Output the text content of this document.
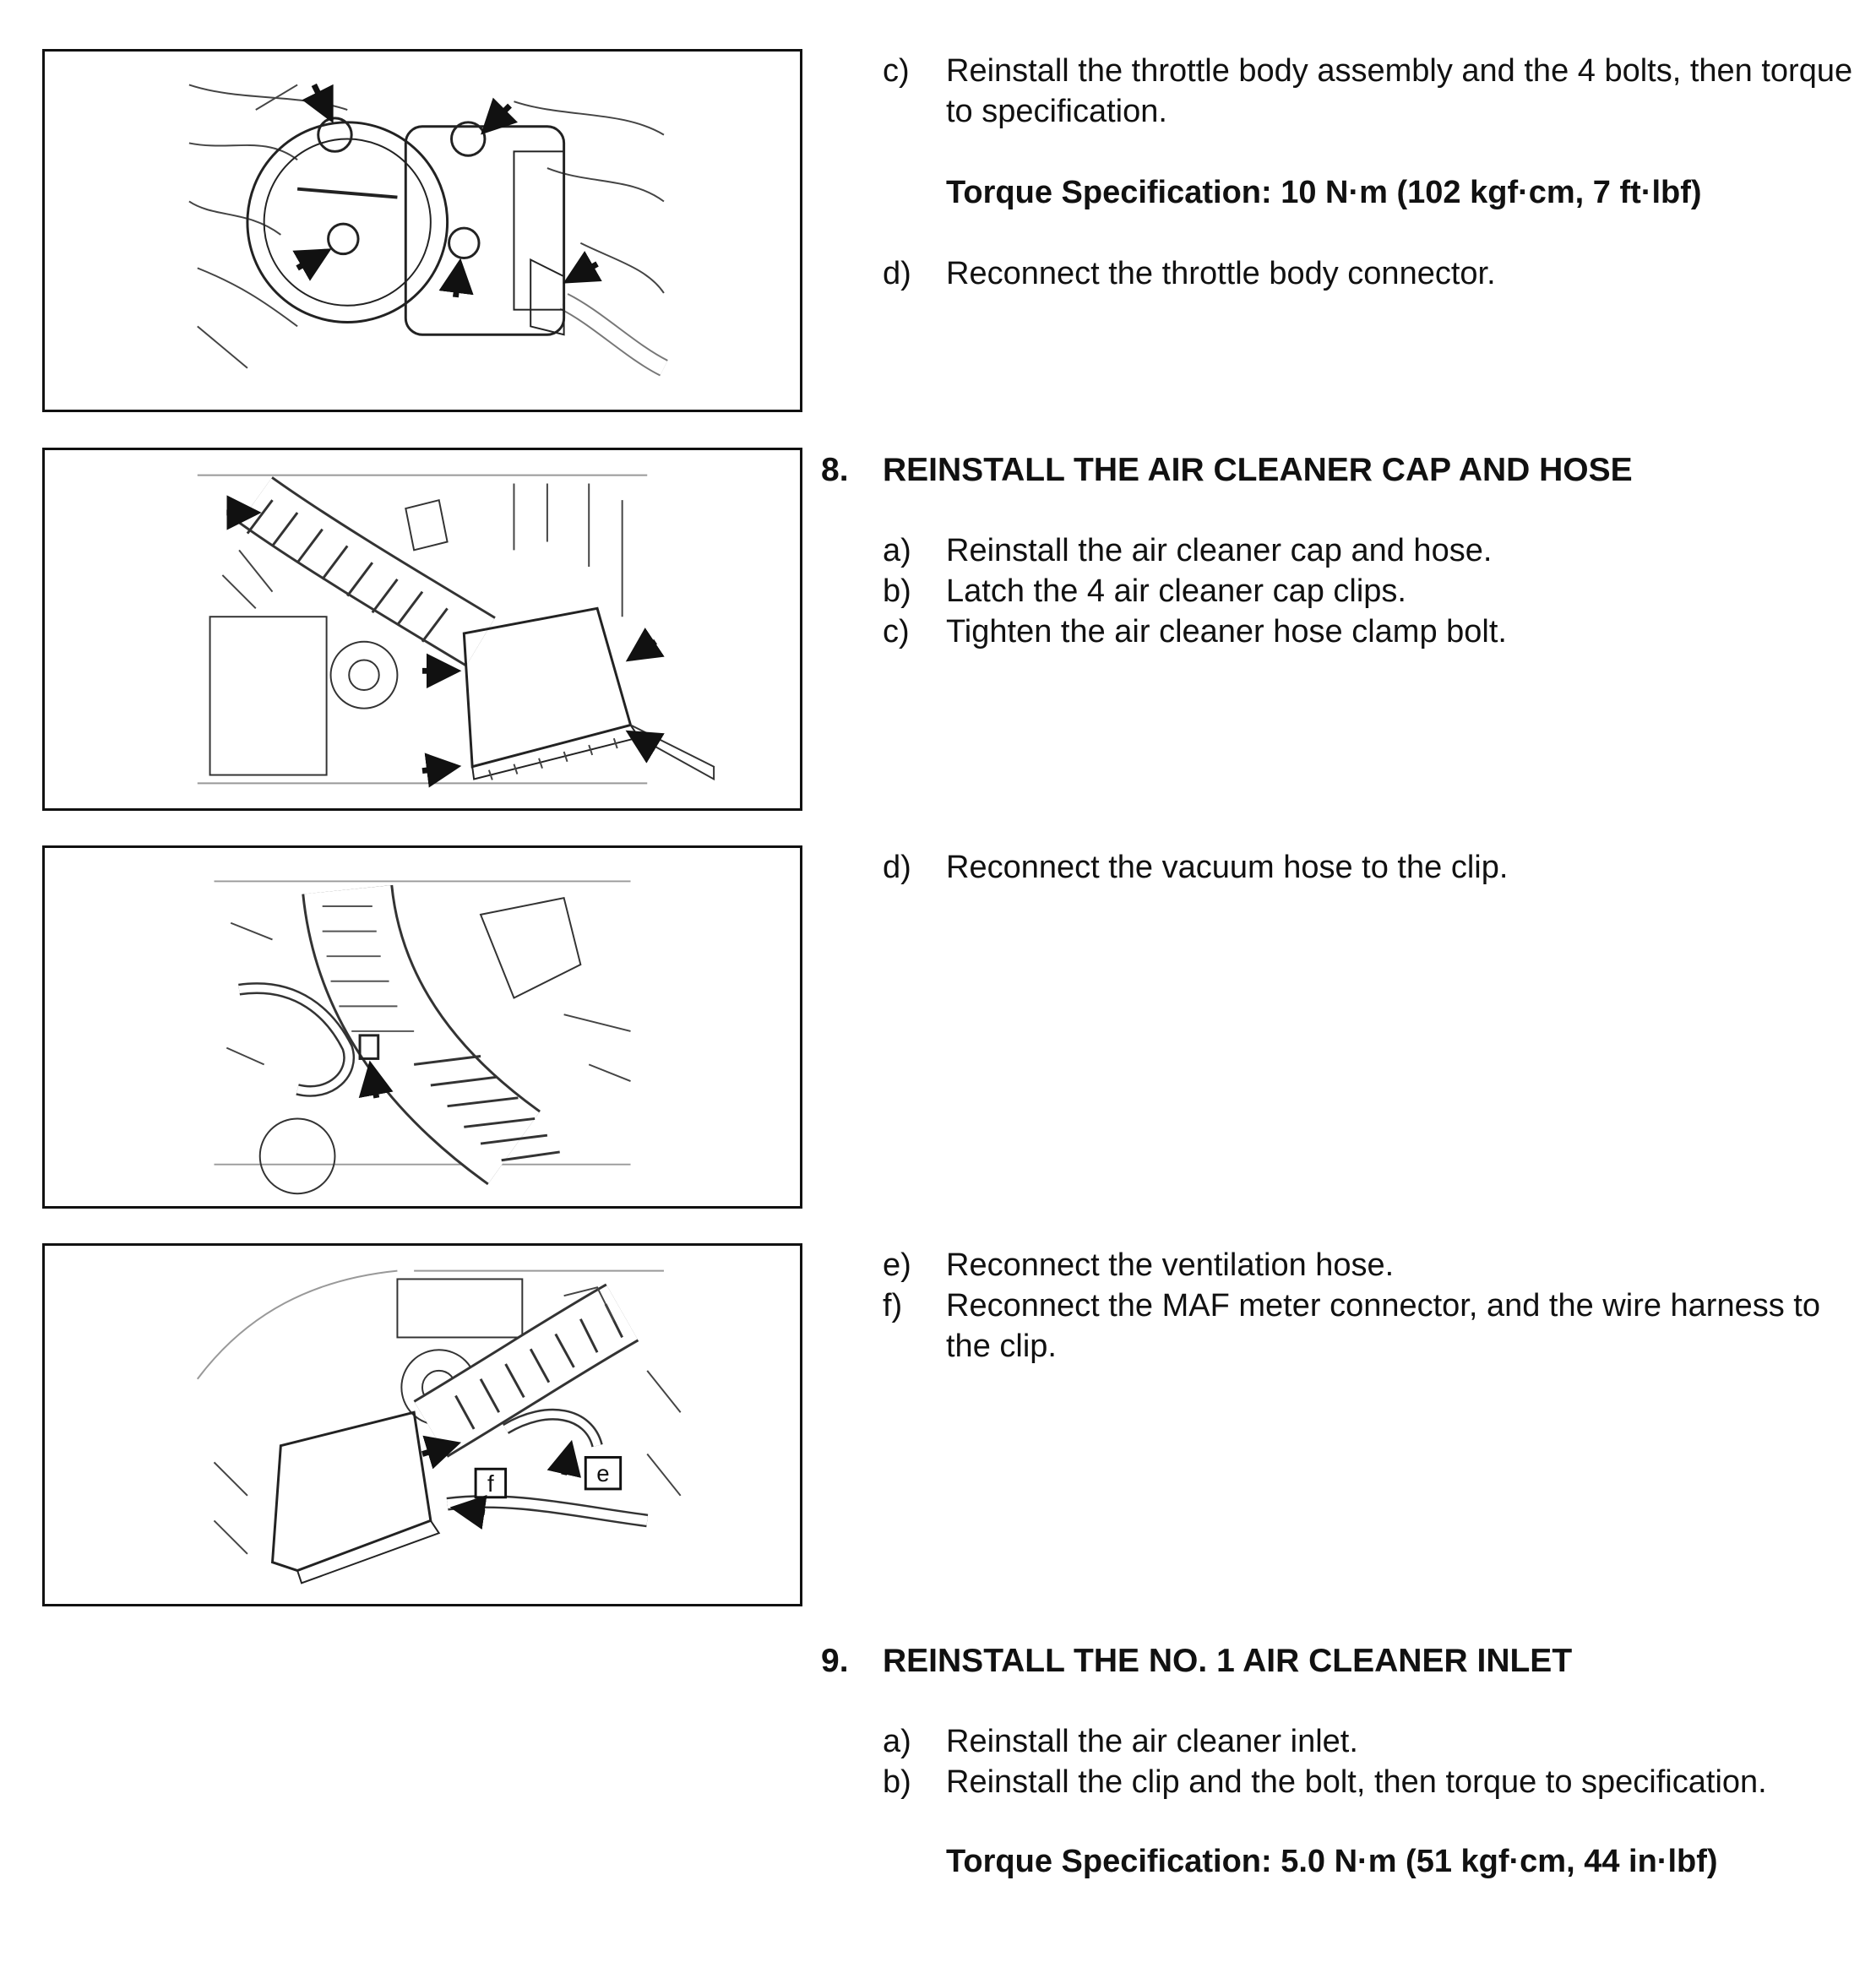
f	e
c)	Reinstall the throttle body assembly and the 4 bolts, then torque to specification.
Torque Specification: 10 N·m (102 kgf·cm, 7 ft·lbf)
d)	Reconnect the throttle body connector.
8. REINSTALL THE AIR CLEANER CAP AND HOSE
a)	Reinstall the air cleaner cap and hose.
b)	Latch the 4 air cleaner cap clips.
c)	Tighten the air cleaner hose clamp bolt.
d)	Reconnect the vacuum hose to the clip.
e)	Reconnect the ventilation hose.
f)	Reconnect the MAF meter connector, and the wire harness to the clip.
9. REINSTALL THE NO. 1 AIR CLEANER INLET
a)	Reinstall the air cleaner inlet.
b)	Reinstall the clip and the bolt, then torque to specification.
Torque Specification: 5.0 N·m (51 kgf·cm, 44 in·lbf)
